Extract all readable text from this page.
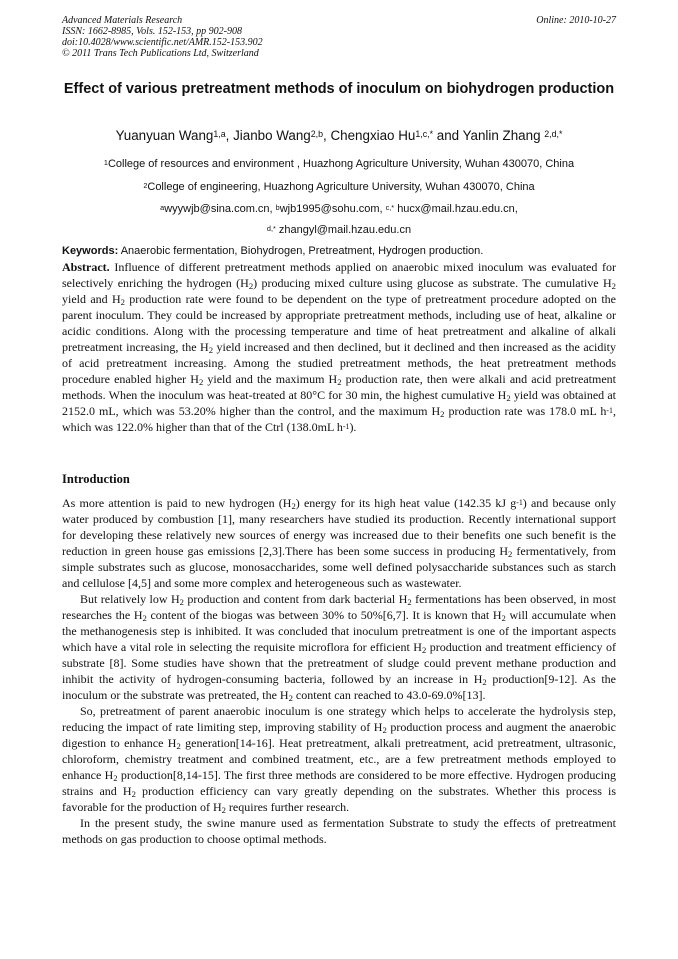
Advanced Materials Research
ISSN: 1662-8985, Vols. 152-153, pp 902-908
doi:10.4028/www.scientific.net/AMR.152-153.902
© 2011 Trans Tech Publications Ltd, Switzerland
Online: 2010-10-27
Effect of various pretreatment methods of inoculum on biohydrogen production
Yuanyuan Wang$^{1,a}$, Jianbo Wang$^{2,b}$, Chengxiao $Hu^{1,c,*}$ and Yanlin Zhang $^{2,d,*}$
$^1$College of resources and environment , Huazhong Agriculture University, Wuhan 430070, China
$^2$College of engineering, Huazhong Agriculture University, Wuhan 430070, China
$^a$wyywjb@sina.com.cn, $^b$wjb1995@sohu.com, $^{c,*}$ hucx@mail.hzau.edu.cn,
$^{d,*}$ zhangyl@mail.hzau.edu.cn
Keywords: Anaerobic fermentation, Biohydrogen, Pretreatment, Hydrogen production.
Abstract. Influence of different pretreatment methods applied on anaerobic mixed inoculum was evaluated for selectively enriching the hydrogen $(H_2)$ producing mixed culture using glucose as substrate. The cumulative $H_2$ yield and $H_2$ production rate were found to be dependent on the type of pretreatment procedure adopted on the parent inoculum. They could be increased by appropriate pretreatment methods, including use of heat, alkaline or acidic conditions. Along with the processing temperature and time of heat pretreatment and alkaline of alkali pretreatment increasing, the $H_2$ yield increased and then declined, but it declined and then increased as the acidity of acid pretreatment increasing. Among the studied pretreatment methods, the heat pretreatment methods procedure enabled higher $H_2$ yield and the maximum $H_2$ production rate, then were alkali and acid pretreatment methods. When the inoculum was heat-treated at 80°C for 30 min, the highest cumulative $H_2$ yield was obtained at 2152.0 mL, which was 53.20% higher than the control, and the maximum $H_2$ production rate was 178.0 mL $h^{-1}$, which was 122.0% higher than that of the Ctrl (138.0mL $h^{-1}$).
Introduction

As more attention is paid to new hydrogen $(H_2)$ energy for its high heat value (142.35 kJ $g^{-1}$) and because only water produced by combustion [1], many researchers have studied its production. Recently international support for developing these relatively new sources of energy was increased due to their benefits one such benefit is the reduction in green house gas emissions [2,3].There has been some success in producing $H_2$ fermentatively, from simple substrates such as glucose, monosaccharides, some well defined polysaccharide substances such as starch and cellulose [4,5] and some more complex and heterogeneous such as wastewater.

But relatively low $H_2$ production and content from dark bacterial $H_2$ fermentations has been observed, in most researches the $H_2$ content of the biogas was between 30% to 50%[6,7]. It is known that $H_2$ will accumulate when the methanogenesis step is inhibited. It was concluded that inoculum pretreatment is one of the important aspects which have a vital role in selecting the requisite microflora for efficient $H_2$ production and treatment efficiency of substrate [8]. Some studies have shown that the pretreatment of sludge could prevent methane production and inhibit the activity of hydrogen-consuming bacteria, followed by an increase in $H_2$ production[9-12]. As the inoculum or the substrate was pretreated, the $H_2$ content can reached to 43.0-69.0%[13].

So, pretreatment of parent anaerobic inoculum is one strategy which helps to accelerate the hydrolysis step, reducing the impact of rate limiting step, improving stability of $H_2$ production process and augment the anaerobic digestion to enhance $H_2$ generation[14-16]. Heat pretreatment, alkali pretreatment, acid pretreatment, ultrasonic, chloroform, chemistry treatment and combined treatment, etc., are a few pretreatment methods employed to enhance $H_2$ production[8,14-15]. The first three methods are considered to be more effective. Hydrogen producing strains and $H_2$ production efficiency can vary greatly depending on the substrates. Whether this process is favorable for the production of $H_2$ requires further research.

In the present study, the swine manure used as fermentation Substrate to study the effects of pretreatment methods on gas production to choose optimal methods.
